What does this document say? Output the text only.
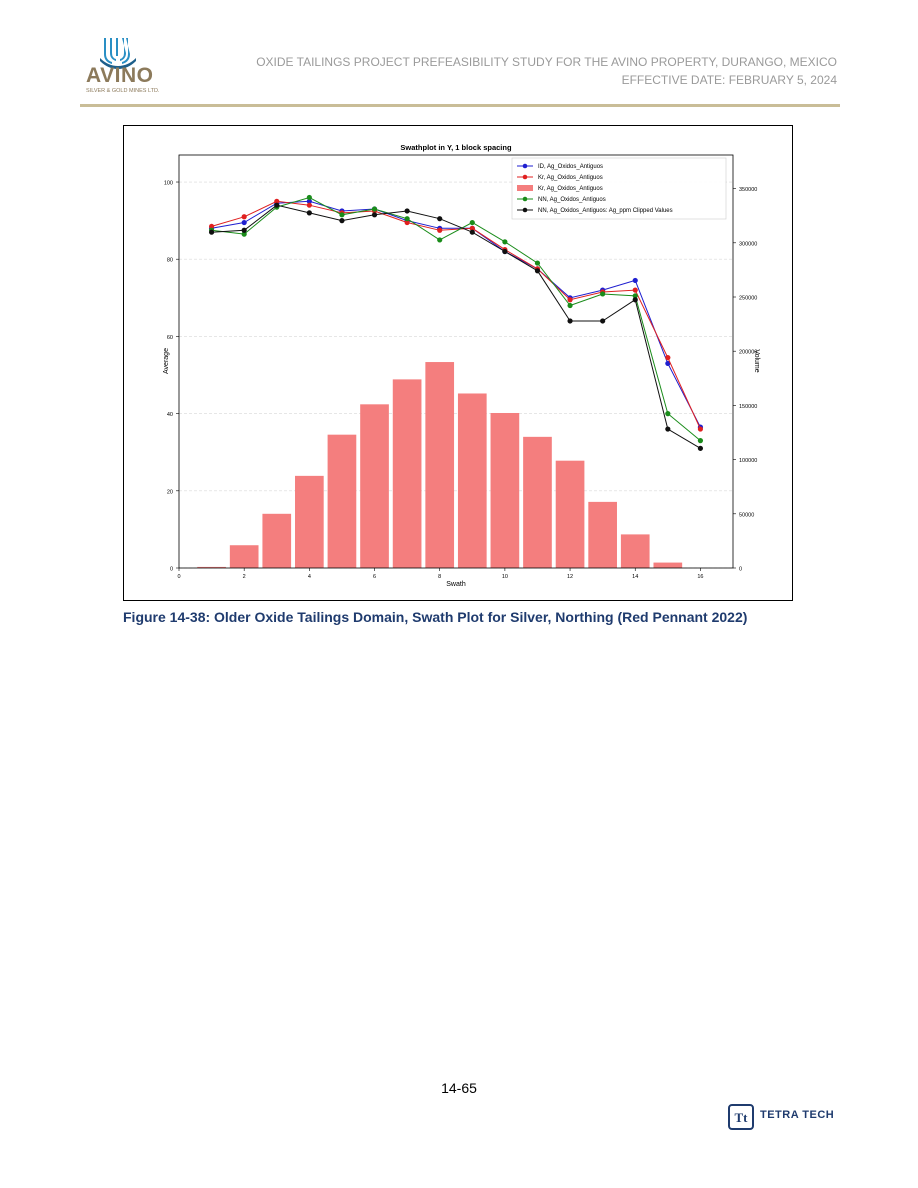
AVINO
SILVER & GOLD MINES LTD.
OXIDE TAILINGS PROJECT PREFEASIBILITY STUDY FOR THE AVINO PROPERTY, DURANGO, MEXICO
EFFECTIVE DATE: FEBRUARY 5, 2024
0
20
40
60
80
100
0
50000
100000
150000
200000
250000
300000
350000
0	2	4	6	8	10	12	14	16
Swathplot in Y, 1 block spacing
Swath
Average	Volume
ID, Ag_Oxidos_Antiguos
Kr, Ag_Oxidos_Antiguos
Kr, Ag_Oxidos_Antiguos
NN, Ag_Oxidos_Antiguos
NN, Ag_Oxidos_Antiguos: Ag_ppm Clipped Values
Figure 14-38: Older Oxide Tailings Domain, Swath Plot for Silver, Northing (Red Pennant 2022)
14-65
Tt TETRA TECH
